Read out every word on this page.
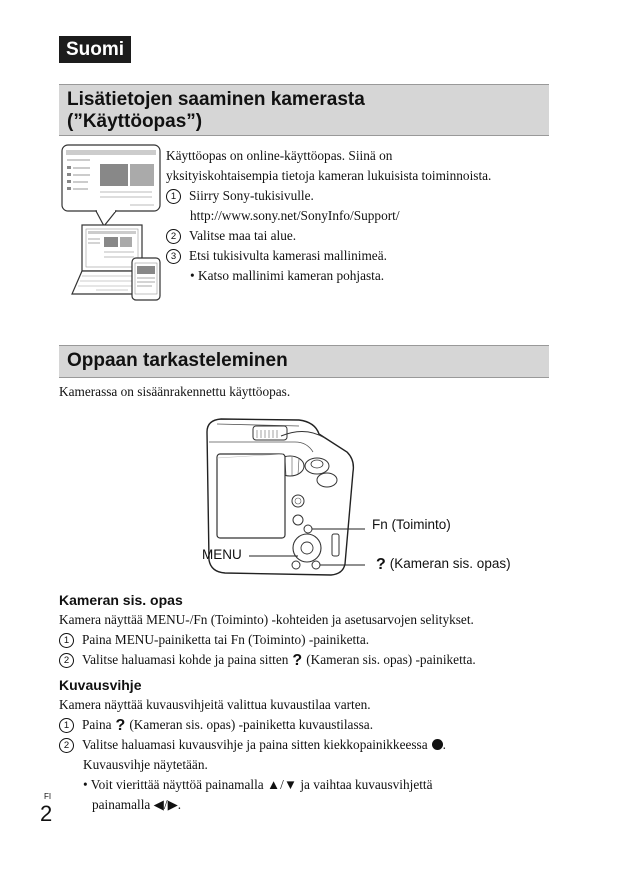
Suomi
Lisätietojen saaminen kamerasta
(”Käyttöopas”)
Käyttöopas on online-käyttöopas. Siinä on
yksityiskohtaisempia tietoja kameran lukuisista toiminnoista.
1 Siirry Sony-tukisivulle.
http://www.sony.net/SonyInfo/Support/
2 Valitse maa tai alue.
3 Etsi tukisivulta kamerasi mallinimeä.
• Katso mallinimi kameran pohjasta.
Oppaan tarkasteleminen
Kamerassa on sisäänrakennettu käyttöopas.
Fn (Toiminto)
MENU
? (Kameran sis. opas)
Kameran sis. opas
Kamera näyttää MENU-/Fn (Toiminto) -kohteiden ja asetusarvojen selitykset.
1 Paina MENU-painiketta tai Fn (Toiminto) -painiketta.
2 Valitse haluamasi kohde ja paina sitten ? (Kameran sis. opas) -painiketta.
Kuvausvihje
Kamera näyttää kuvausvihjeitä valittua kuvaustilaa varten.
1 Paina ? (Kameran sis. opas) -painiketta kuvaustilassa.
2 Valitse haluamasi kuvausvihje ja paina sitten kiekkopainikkeessa .
Kuvausvihje näytetään.
• Voit vierittää näyttöä painamalla ▲/▼ ja vaihtaa kuvausvihjettä
painamalla ◀/▶.
FI
2
